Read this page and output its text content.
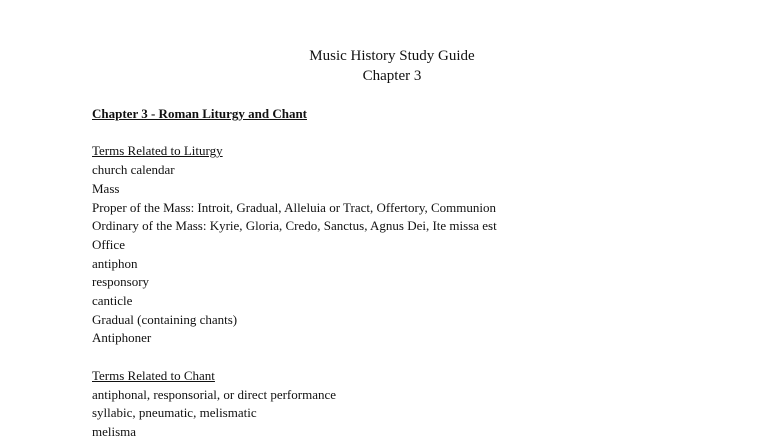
Music History Study Guide
Chapter 3
Chapter 3 - Roman Liturgy and Chant
Terms Related to Liturgy
church calendar
Mass
Proper of the Mass: Introit, Gradual, Alleluia or Tract, Offertory, Communion
Ordinary of the Mass: Kyrie, Gloria, Credo, Sanctus, Agnus Dei, Ite missa est
Office
antiphon
responsory
canticle
Gradual (containing chants)
Antiphoner
Terms Related to Chant
antiphonal, responsorial, or direct performance
syllabic, pneumatic, melismatic
melisma
